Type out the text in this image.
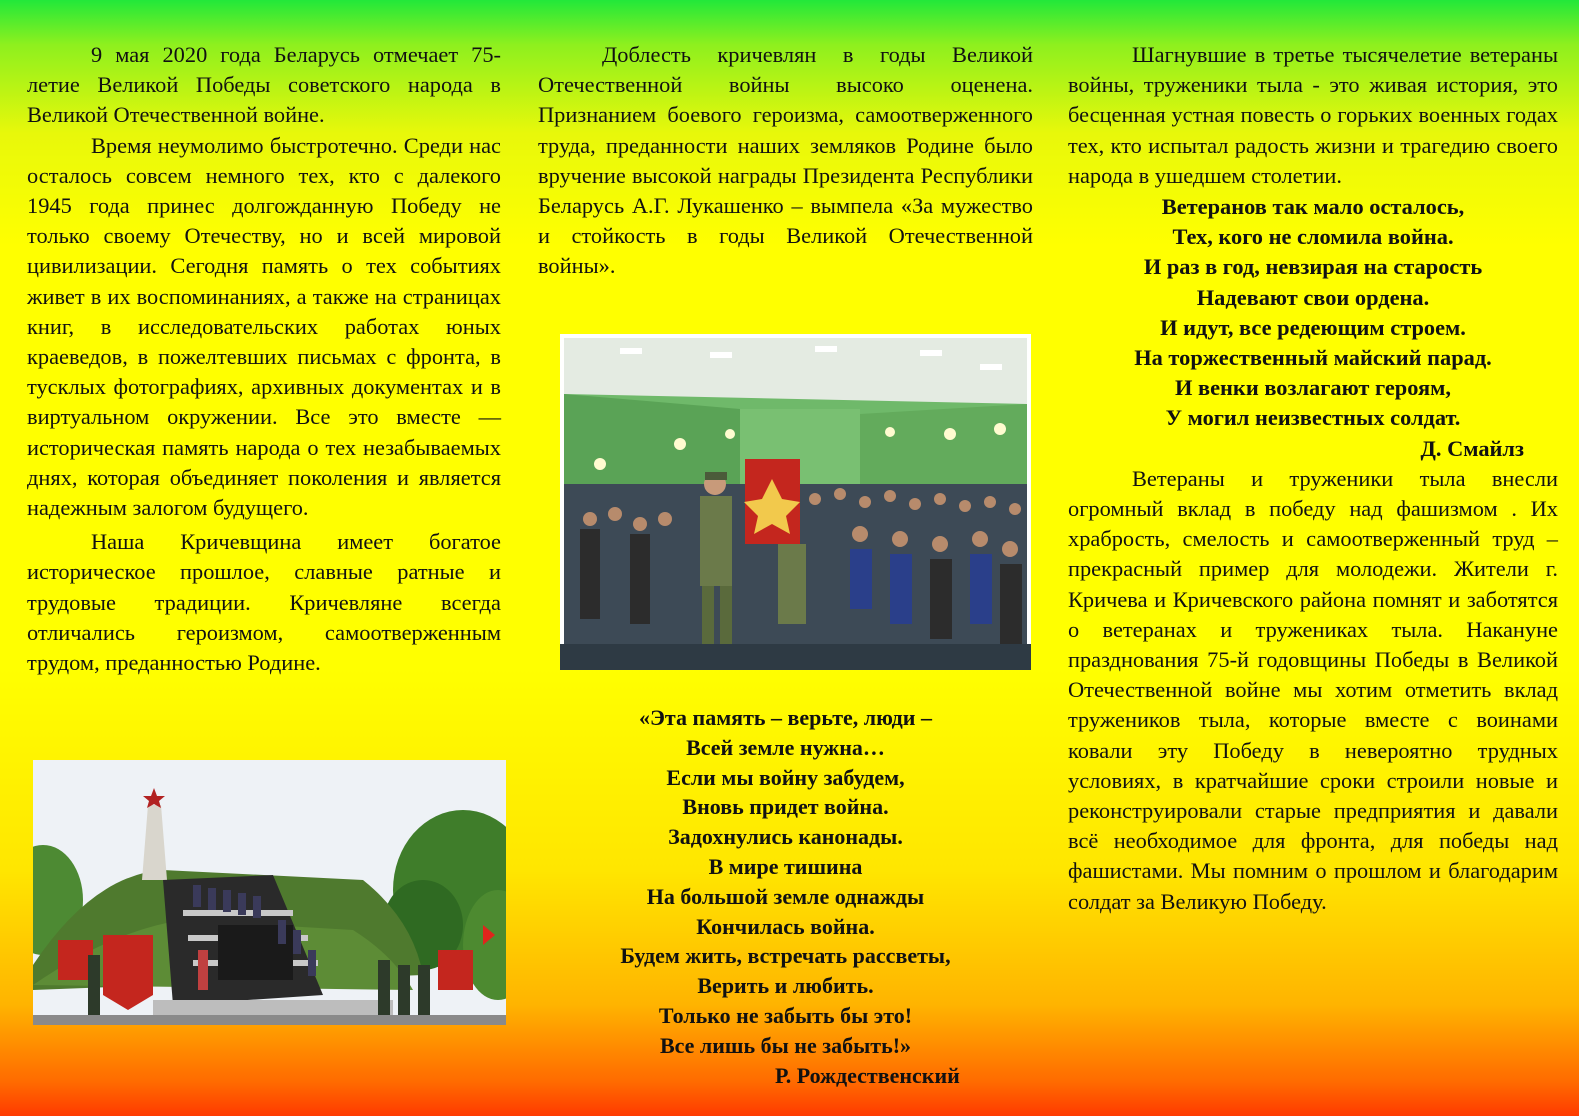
9 мая 2020 года Беларусь отмечает 75-летие Великой Победы советского народа в Великой Отечественной войне.

Время неумолимо быстротечно. Среди нас осталось совсем немного тех, кто с далекого 1945 года принес долгожданную Победу не только своему Отечеству, но и всей мировой цивилизации. Сегодня память о тех событиях живет в их воспоминаниях, а также на страницах книг, в исследовательских работах юных краеведов, в пожелтевших письмах с фронта, в тусклых фотографиях, архивных документах и в виртуальном окружении. Все это вместе — историческая память народа о тех незабываемых днях, которая объединяет поколения и является надежным залогом будущего.

Наша Кричевщина имеет богатое историческое прошлое, славные ратные и трудовые традиции. Кричевляне всегда отличались героизмом, самоотверженным трудом, преданностью Родине.

Доблесть кричевлян в годы Великой Отечественной войны высоко оценена. Признанием боевого героизма, самоотверженного труда, преданности наших земляков Родине было вручение высокой награды Президента Республики Беларусь А.Г. Лукашенко – вымпела «За мужество и стойкость в годы Великой Отечественной войны».

«Эта память – верьте, люди –
Всей земле нужна…
Если мы войну забудем,
Вновь придет война.
Задохнулись канонады.
В мире тишина
На большой земле однажды
Кончилась война.
Будем жить, встречать рассветы,
Верить и любить.
Только не забыть бы это!
Все лишь бы не забыть!»
Р. Рождественский

Шагнувшие в третье тысячелетие ветераны войны, труженики тыла - это живая история, это бесценная устная повесть о горьких военных годах тех, кто испытал радость жизни и трагедию своего народа в ушедшем столетии.

Ветеранов так мало осталось,
Тех, кого не сломила война.
И раз в год, невзирая на старость
Надевают свои ордена.
И идут, все редеющим строем.
На торжественный майский парад.
И венки возлагают героям,
У могил неизвестных солдат.
Д. Смайлз

Ветераны и труженики тыла внесли огромный вклад в победу над фашизмом . Их храбрость, смелость и самоотверженный труд – прекрасный пример для молодежи. Жители г. Кричева и Кричевского района помнят и заботятся о ветеранах и тружениках тыла. Накануне празднования 75-й годовщины Победы в Великой Отечественной войне мы хотим отметить вклад тружеников тыла, которые вместе с воинами ковали эту Победу в невероятно трудных условиях, в кратчайшие сроки строили новые и реконструировали старые предприятия и давали всё необходимое для фронта, для победы над фашистами. Мы помним о прошлом и благодарим солдат за Великую Победу.
